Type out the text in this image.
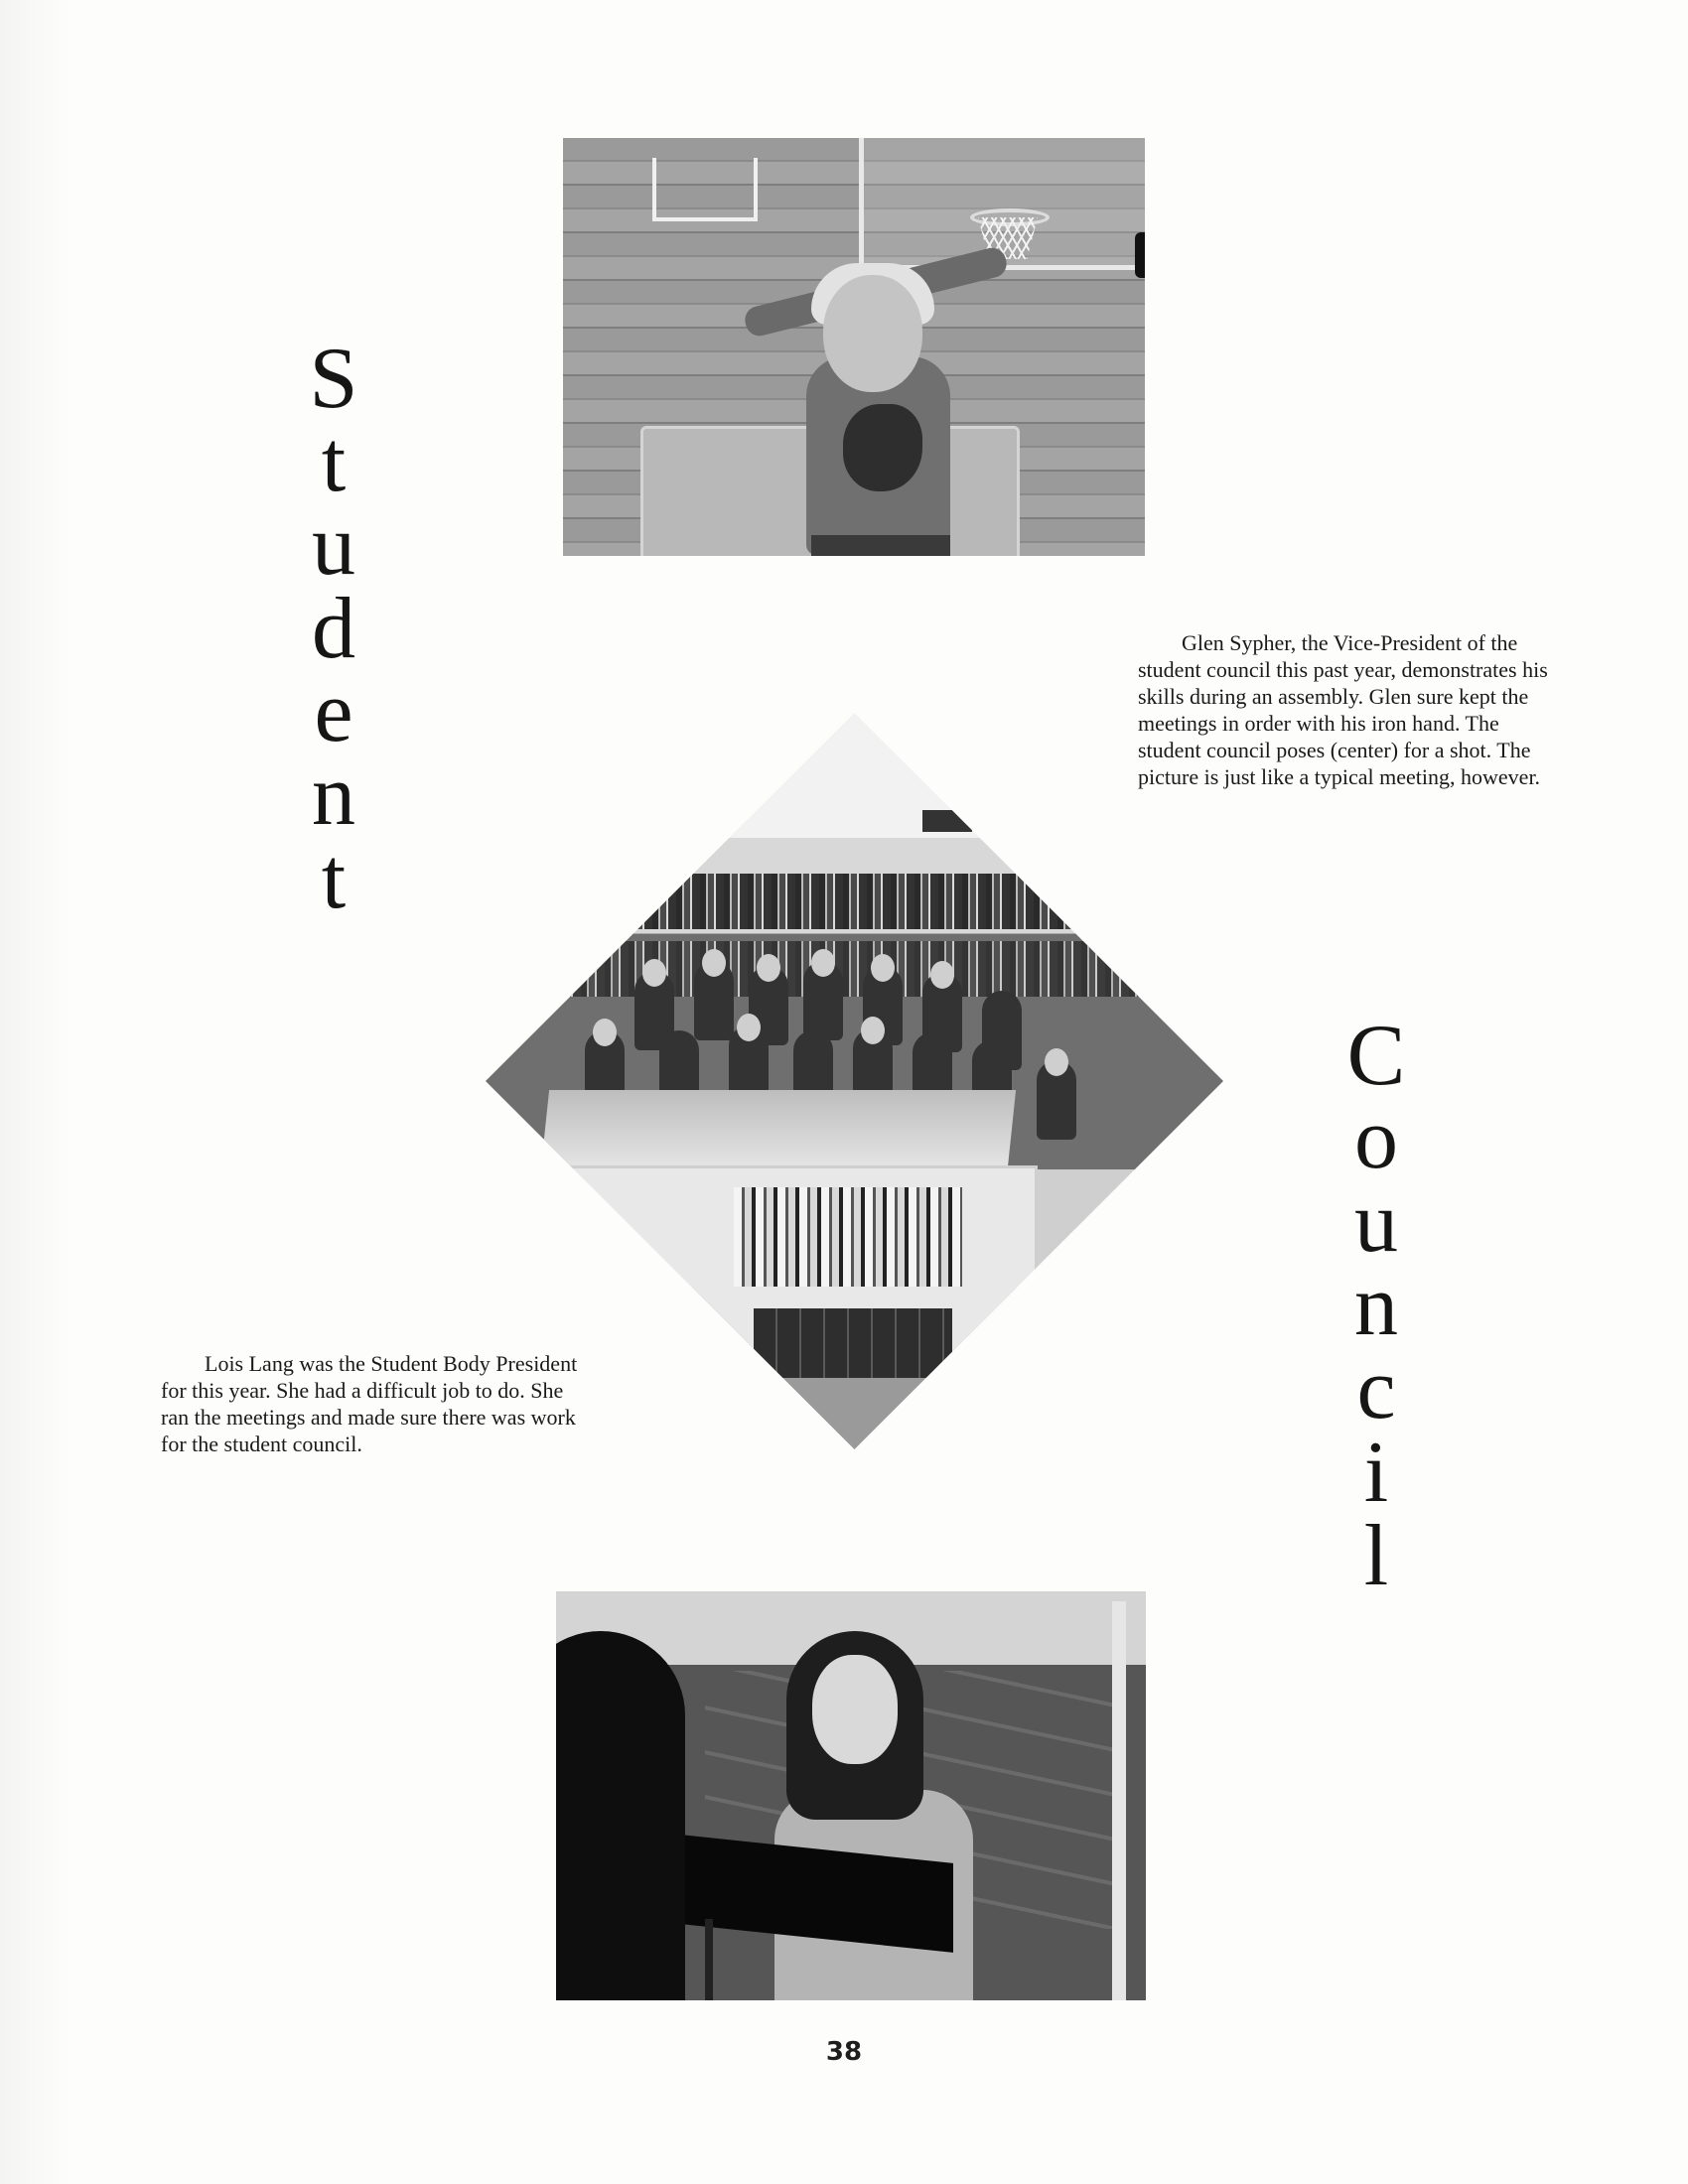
S
t
u
d
e
n
t
C
o
u
n
c
i
l

Glen Sypher, the Vice-President of the student council this past year, demonstrates his skills during an assembly. Glen sure kept the meetings in order with his iron hand. The student council poses (center) for a shot. The picture is just like a typical meeting, however.

Lois Lang was the Student Body President for this year. She had a difficult job to do. She ran the meetings and made sure there was work for the student council.

38
